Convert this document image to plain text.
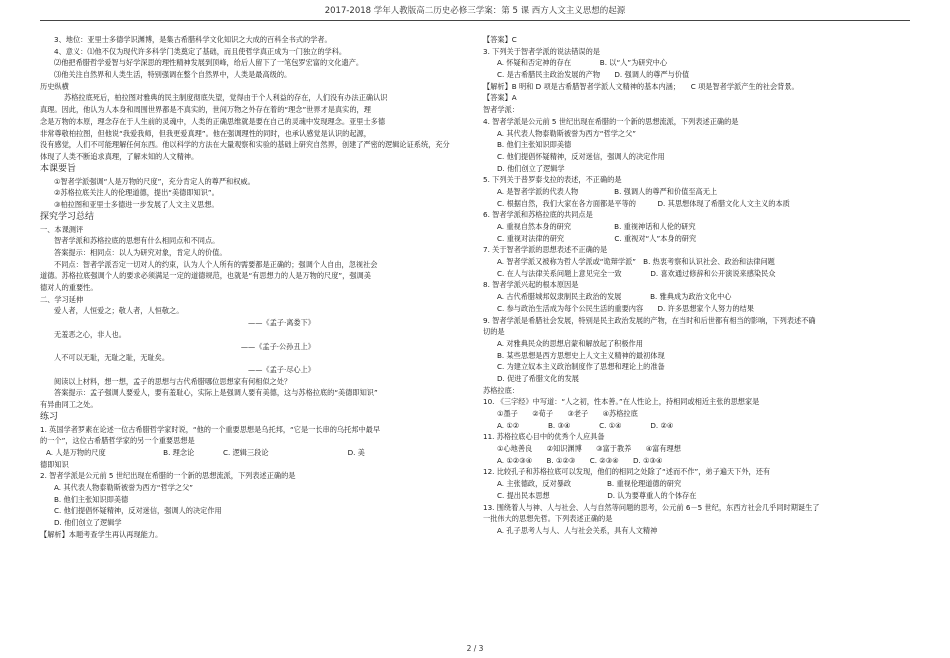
2017-2018 学年人教版高二历史必修三学案：第 5 课 西方人文主义思想的起源
3、地位：亚里士多德学识渊博，是集古希腊科学文化知识之大成的百科全书式的学者。
4、意义：⑴他不仅为现代许多科学门类奠定了基础，而且使哲学真正成为一门独立的学科。
⑵他把希腊哲学爱智与好学深思的理性精神发展到顶峰，给后人留下了一笔包罗宏富的文化遗产。
⑶他关注自然界和人类生活，特别强调在整个自然界中，人类是最高级的。
历史纵横
苏格拉底死后，柏拉图对雅典的民主制度彻底失望，觉得由于个人利益的存在，人们没有办法正确认识
真理。因此，他认为人本身和周围世界都是不真实的，世间万物之外存在着的“理念”世界才是真实的，理
念是万物的本原，理念存在于人生前的灵魂中，人类的正确思维就是要在自己的灵魂中发现理念。亚里士多德
非常尊敬柏拉图，但他说“我爱我师，但我更爱真理”。他在强调理性的同时，也承认感觉是认识的起源，
没有感觉，人们不可能理解任何东西。他以科学的方法在大量观察和实验的基础上研究自然界，创建了严密的逻辑论证系统，充分
体现了人类不断追求真理，了解未知的人文精神。
本课要旨
①智者学派强调“人是万物的尺度”，充分肯定人的尊严和权威。
②苏格拉底关注人的伦理道德，提出“美德即知识”。
③柏拉图和亚里士多德进一步发展了人文主义思想。
探究学习总结
一、本课测评
智者学派和苏格拉底的思想有什么相同点和不同点。
答案提示：相同点：以人为研究对象，肯定人的价值。
不同点：智者学派否定一切对人的约束，认为人个人所有的需要都是正确的；强调个人自由，忽视社会
道德。苏格拉底强调个人的要求必须满足一定的道德规范，也就是“有思想力的人是万物的尺度”，强调美
德对人的重要性。
二、学习延伸
爱人者，人恒爱之；敬人者，人恒敬之。
——《孟子·离娄下》
无羞恶之心，非人也。
——《孟子·公孙丑上》
人不可以无耻，无耻之耻，无耻矣。
——《孟子·尽心上》
阅读以上材料，想一想，孟子的思想与古代希腊哪位思想家有何相似之处？
答案提示：孟子强调人要爱人，要有羞耻心，实际上是强调人要有美德，这与苏格拉底的“美德即知识”
有异曲同工之处。
练习
1. 英国学者罗素在论述一位古希腊哲学家时说，“他的一个重要思想是乌托邦，“它是一长串的乌托邦中最早
的一个”，这位古希腊哲学家的另一个重要思想是
A. 人是万物的尺度　　　　　　　　B. 理念论　　　　C. 逻辑三段论　　　　　　　　　　　D. 美
德即知识
2. 智者学派是公元前 5 世纪出现在希腊的一个新的思想流派，下列表述正确的是
A. 其代表人物泰勒斯被誉为西方“哲学之父”
B. 他们主张知识即美德
C. 他们提倡怀疑精神，反对迷信，强调人的决定作用
D. 他们创立了逻辑学
【解析】本题考查学生再认再现能力。
【答案】C
3. 下列关于智者学派的说法错误的是
A. 怀疑和否定神的存在　　　　B. 以“人”为研究中心
C. 是古希腊民主政治发展的产物　　D. 强调人的尊严与价值
【解析】B 明和 D 项是古希腊智者学派人文精神的基本内涵；　　C 项是智者学派产生的社会背景。
【答案】A
智者学派：
4. 智者学派是公元前 5 世纪出现在希腊的一个新的思想流派，下列表述正确的是
A. 其代表人物泰勒斯被誉为西方“哲学之父”
B. 他们主张知识即美德
C. 他们提倡怀疑精神，反对迷信，强调人的决定作用
D. 他们创立了逻辑学
5. 下列关于普罗泰戈拉的表述，不正确的是
A. 是智者学派的代表人物　　　　　B. 强调人的尊严和价值至高无上
C. 根据自然，我们大家在各方面都是平等的　　　D. 其思想体现了希腊文化人文主义的本质
6. 智者学派和苏格拉底的共同点是
A. 重视自然本身的研究　　　　　　B. 重视神话和人伦的研究
C. 重视对法律的研究　　　　　　　C. 重视对“人”本身的研究
7. 关于智者学派的思想表述不正确的是
A. 智者学派又被称为哲人学派或“诡辩学派”　B. 热衷考察和认识社会、政治和法律问题
C. 在人与法律关系问题上意见完全一致　　　　D. 喜欢通过修辞和公开演说来感染民众
8. 智者学派兴起的根本原因是
A. 古代希腊城邦奴隶制民主政治的发展　　　　B. 雅典成为政治文化中心
C. 参与政治生活成为每个公民生活的重要内容　　D. 许多思想家个人努力的结果
9. 智者学派是希腊社会发展，特别是民主政治发展的产物，在当时和后世都有相当的影响，下列表述不确
切的是
A. 对雅典民众的思想启蒙和解放起了积极作用
B. 某些思想是西方思想史上人文主义精神的最初体现
C. 为建立奴本主义政治制度作了思想和理论上的准备
D. 促进了希腊文化的发展
苏格拉底：
10. 《三字经》中写道：“人之初，性本善。”在人性论上，持相同或相近主张的思想家是
①墨子　　②荀子　　③老子　　④苏格拉底
A. ①②　　　　B. ③④　　　　C. ①④　　　　D. ②④
11. 苏格拉底心目中的优秀个人应具备
①心地善良　　②知识渊博　　③富于教养　　④富有理想
A. ①②③④　　B. ①②③　　C. ②③④　　D. ①③④
12. 比较孔子和苏格拉底可以发现，他们的相同之处除了“述而不作”，弟子遍天下外，还有
A. 主张德政，反对暴政　　　　　B. 重视伦理道德的研究
C. 提出民本思想　　　　　　　　D. 认为要尊重人的个体存在
13. 围绕着人与神、人与社会、人与自然等问题的思考，公元前 6－5 世纪，东西方社会几乎同时期诞生了
一批伟大的思想先哲。下列表述正确的是
A. 孔子思考人与人、人与社会关系，具有人文精神
2 / 3
